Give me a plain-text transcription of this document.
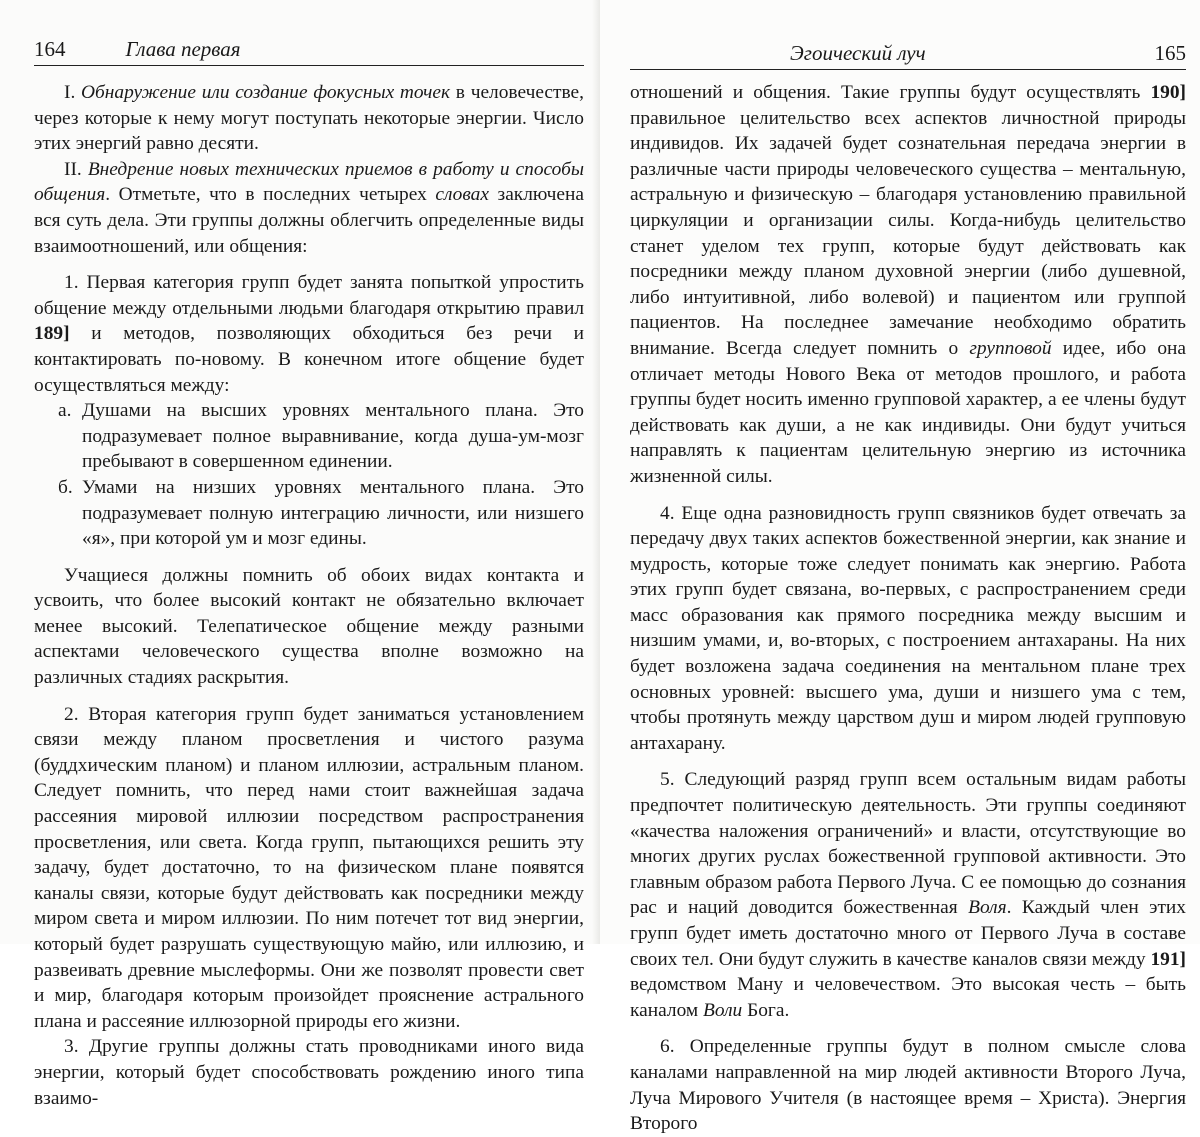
164	Глава первая

I. Обнаружение или создание фокусных точек в человечестве, через которые к нему могут поступать некоторые энергии. Число этих энергий равно десяти.

II. Внедрение новых технических приемов в работу и способы общения. Отметьте, что в последних четырех словах заключена вся суть дела. Эти группы должны облегчить определенные виды взаимоотношений, или общения:

1. Первая категория групп будет занята попыткой упростить общение между отдельными людьми благодаря открытию правил 189] и методов, позволяющих обходиться без речи и контактировать по-новому. В конечном итоге общение будет осуществляться между:

а. Душами на высших уровнях ментального плана. Это подразумевает полное выравнивание, когда душа-ум-мозг пребывают в совершенном единении.

б. Умами на низших уровнях ментального плана. Это подразумевает полную интеграцию личности, или низшего «я», при которой ум и мозг едины.

Учащиеся должны помнить об обоих видах контакта и усвоить, что более высокий контакт не обязательно включает менее высокий. Телепатическое общение между разными аспектами человеческого существа вполне возможно на различных стадиях раскрытия.

2. Вторая категория групп будет заниматься установлением связи между планом просветления и чистого разума (буддхическим планом) и планом иллюзии, астральным планом. Следует помнить, что перед нами стоит важнейшая задача рассеяния мировой иллюзии посредством распространения просветления, или света. Когда групп, пытающихся решить эту задачу, будет достаточно, то на физическом плане появятся каналы связи, которые будут действовать как посредники между миром света и миром иллюзии. По ним потечет тот вид энергии, который будет разрушать существующую майю, или иллюзию, и развеивать древние мыслеформы. Они же позволят провести свет и мир, благодаря которым произойдет прояснение астрального плана и рассеяние иллюзорной природы его жизни.

3. Другие группы должны стать проводниками иного вида энергии, который будет способствовать рождению иного типа взаимо-

Эгоический луч	165

отношений и общения. Такие группы будут осуществлять 190] правильное целительство всех аспектов личностной природы индивидов. Их задачей будет сознательная передача энергии в различные части природы человеческого существа – ментальную, астральную и физическую – благодаря установлению правильной циркуляции и организации силы. Когда-нибудь целительство станет уделом тех групп, которые будут действовать как посредники между планом духовной энергии (либо душевной, либо интуитивной, либо волевой) и пациентом или группой пациентов. На последнее замечание необходимо обратить внимание. Всегда следует помнить о групповой идее, ибо она отличает методы Нового Века от методов прошлого, и работа группы будет носить именно групповой характер, а ее члены будут действовать как души, а не как индивиды. Они будут учиться направлять к пациентам целительную энергию из источника жизненной силы.

4. Еще одна разновидность групп связников будет отвечать за передачу двух таких аспектов божественной энергии, как знание и мудрость, которые тоже следует понимать как энергию. Работа этих групп будет связана, во-первых, с распространением среди масс образования как прямого посредника между высшим и низшим умами, и, во-вторых, с построением антахараны. На них будет возложена задача соединения на ментальном плане трех основных уровней: высшего ума, души и низшего ума с тем, чтобы протянуть между царством душ и миром людей групповую антахарану.

5. Следующий разряд групп всем остальным видам работы предпочтет политическую деятельность. Эти группы соединяют «качества наложения ограничений» и власти, отсутствующие во многих других руслах божественной групповой активности. Это главным образом работа Первого Луча. С ее помощью до сознания рас и наций доводится божественная Воля. Каждый член этих групп будет иметь достаточно много от Первого Луча в составе своих тел. Они будут служить в качестве каналов связи между 191] ведомством Ману и человечеством. Это высокая честь – быть каналом Воли Бога.

6. Определенные группы будут в полном смысле слова каналами направленной на мир людей активности Второго Луча, Луча Мирового Учителя (в настоящее время – Христа). Энергия Второго
